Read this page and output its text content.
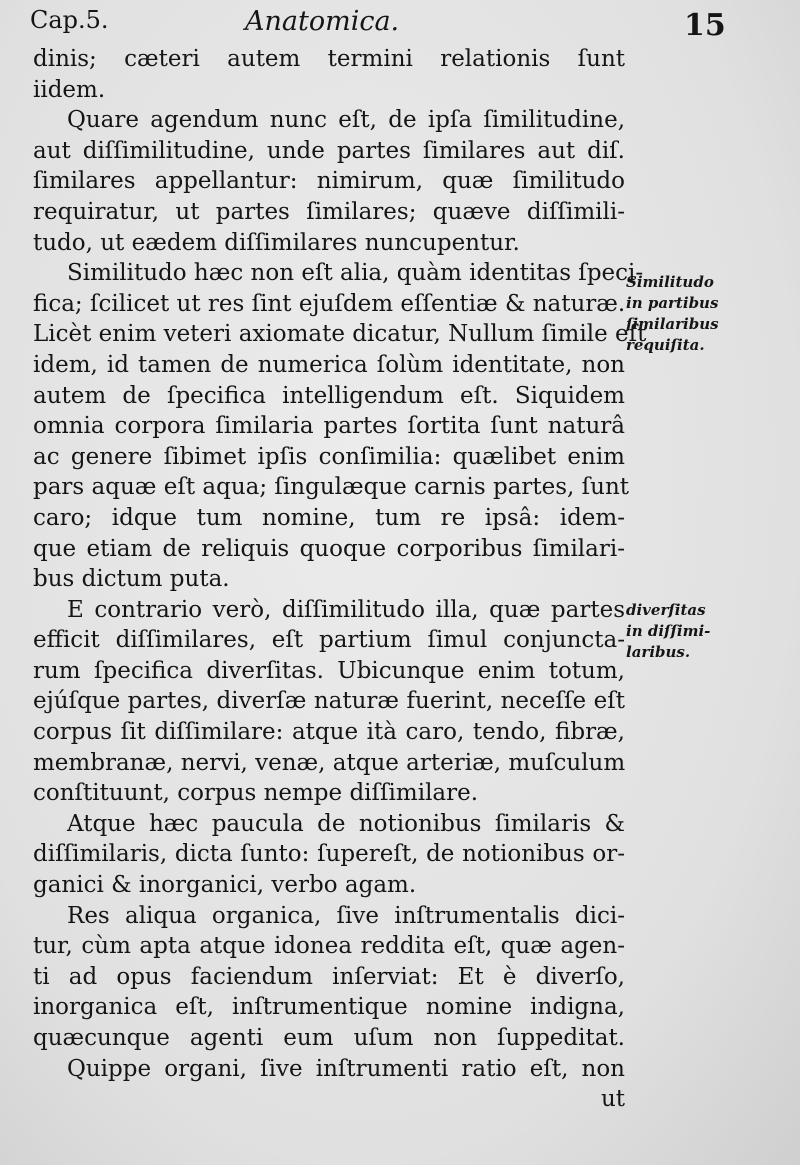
Cap.5.	Anatomica.	15
dinis; cæteri autem termini relationis ſunt
iidem.
Quare agendum nunc eſt, de ipſa ſimilitudine,
aut diſſimilitudine, unde partes ſimilares aut diſ.
ſimilares appellantur: nimirum, quæ ſimilitudo
requiratur, ut partes ſimilares; quæve diſſimili-
tudo, ut eædem diſſimilares nuncupentur.
Similitudo hæc non eſt alia, quàm identitas ſpeci-
fica; ſcilicet ut res ſint ejuſdem eſſentiæ & naturæ.
Licèt enim veteri axiomate dicatur, Nullum ſimile eſt
idem, id tamen de numerica ſolùm identitate, non
autem de ſpecifica intelligendum eſt. Siquidem
omnia corpora ſimilaria partes ſortita ſunt naturâ
ac genere ſibimet ipſis conſimilia: quælibet enim
pars aquæ eſt aqua; ſingulæque carnis partes, ſunt
caro; idque tum nomine, tum re ipsâ: idem-
que etiam de reliquis quoque corporibus ſimilari-
bus dictum puta.
E contrario verò, diſſimilitudo illa, quæ partes
efficit diſſimilares, eſt partium ſimul conjuncta-
rum ſpecifica diverſitas. Ubicunque enim totum,
ejúſque partes, diverſæ naturæ fuerint, neceſſe eſt
corpus ſit diſſimilare: atque ità caro, tendo, fibræ,
membranæ, nervi, venæ, atque arteriæ, muſculum
conſtituunt, corpus nempe diſſimilare.
Atque hæc paucula de notionibus ſimilaris &
diſſimilaris, dicta ſunto: ſupereſt, de notionibus or-
ganici & inorganici, verbo agam.
Res aliqua organica, ſive inſtrumentalis dici-
tur, cùm apta atque idonea reddita eſt, quæ agen-
ti ad opus faciendum inſerviat: Et è diverſo,
inorganica eſt, inſtrumentique nomine indigna,
quæcunque agenti eum uſum non ſuppeditat.
Quippe organi, ſive inſtrumenti ratio eſt, non
ut
Similitudo
in partibus
ſimilaribus
requiſita.
diverſitas
in diſſimi-
laribus.
